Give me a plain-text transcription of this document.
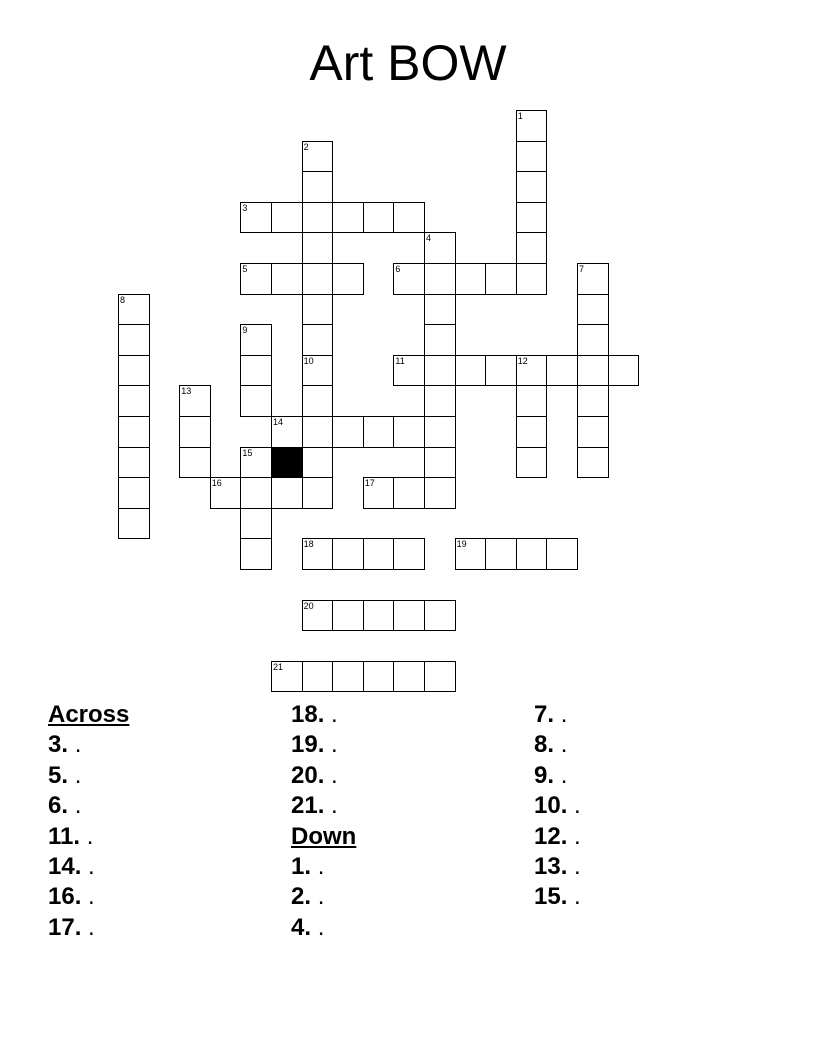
Art BOW
1
2
3
4
5	6	7
8
9
10	11	12
13
14
15
16	17
18	19
20
21
Across
3. .
5. .
6. .
11. .
14. .
16. .
17. .
18. .
19. .
20. .
21. .
Down
1. .
2. .
4. .
7. .
8. .
9. .
10. .
12. .
13. .
15. .
